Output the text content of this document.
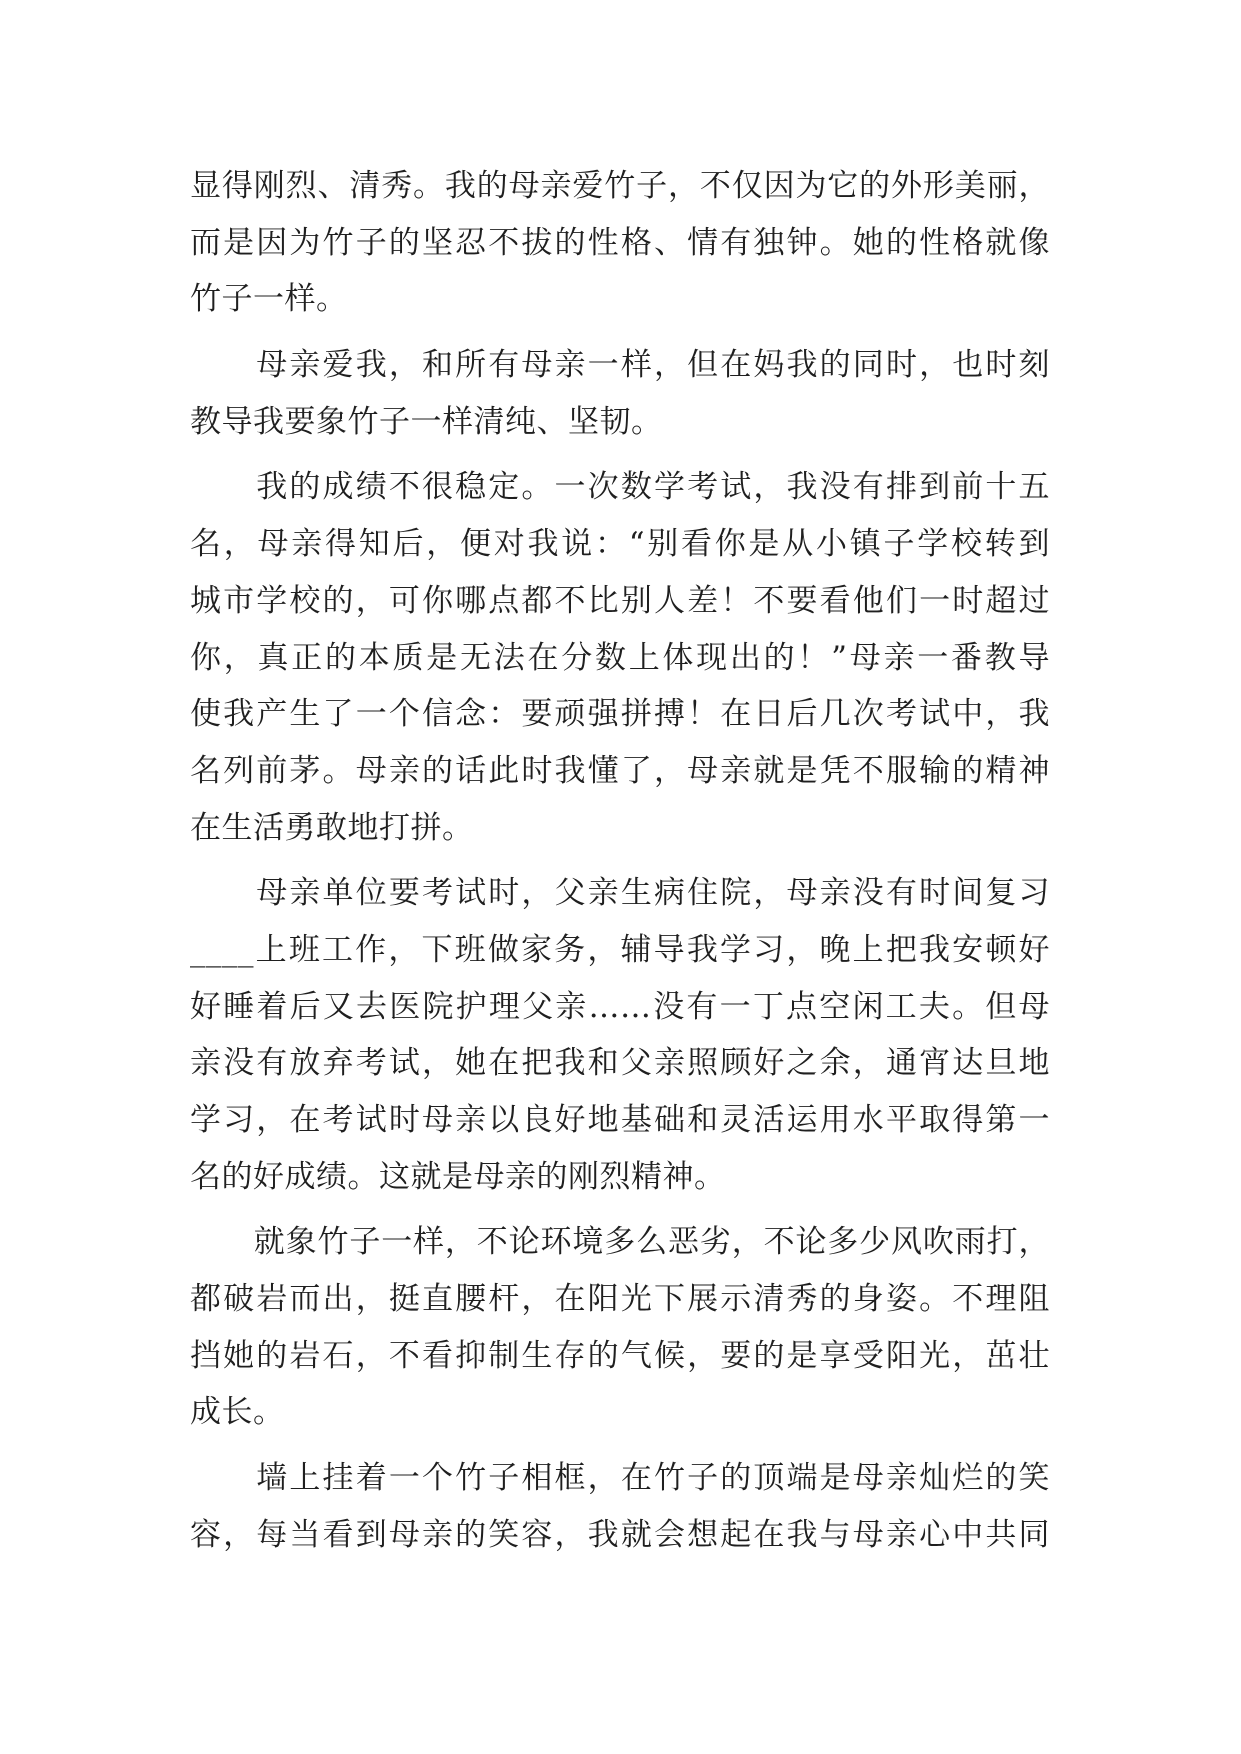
显得刚烈、清秀。我的母亲爱竹子，不仅因为它的外形美丽，
而是因为竹子的坚忍不拔的性格、情有独钟。她的性格就像
竹子一样。
　　母亲爱我，和所有母亲一样，但在妈我的同时，也时刻
教导我要象竹子一样清纯、坚韧。
　　我的成绩不很稳定。一次数学考试，我没有排到前十五
名，母亲得知后，便对我说：“别看你是从小镇子学校转到
城市学校的，可你哪点都不比别人差！不要看他们一时超过
你，真正的本质是无法在分数上体现出的！”母亲一番教导
使我产生了一个信念：要顽强拼搏！在日后几次考试中，我
名列前茅。母亲的话此时我懂了，母亲就是凭不服输的精神
在生活勇敢地打拼。
　　母亲单位要考试时，父亲生病住院，母亲没有时间复习
____上班工作，下班做家务，辅导我学习，晚上把我安顿好
好睡着后又去医院护理父亲……没有一丁点空闲工夫。但母
亲没有放弃考试，她在把我和父亲照顾好之余，通宵达旦地
学习，在考试时母亲以良好地基础和灵活运用水平取得第一
名的好成绩。这就是母亲的刚烈精神。
　　就象竹子一样，不论环境多么恶劣，不论多少风吹雨打，
都破岩而出，挺直腰杆，在阳光下展示清秀的身姿。不理阻
挡她的岩石，不看抑制生存的气候，要的是享受阳光，茁壮
成长。
　　墙上挂着一个竹子相框，在竹子的顶端是母亲灿烂的笑
容，每当看到母亲的笑容，我就会想起在我与母亲心中共同
